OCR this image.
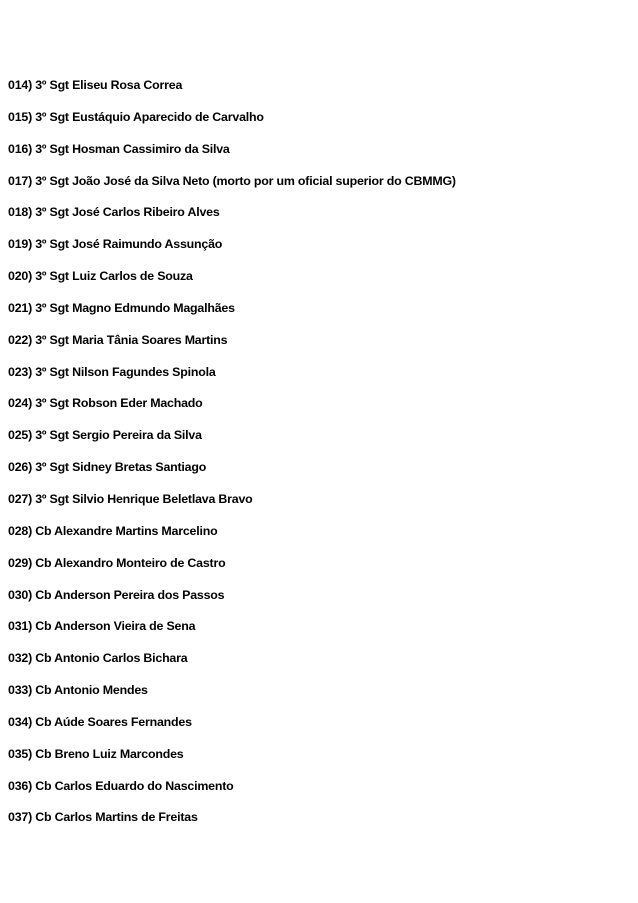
014) 3º Sgt Eliseu Rosa Correa
015) 3º Sgt Eustáquio Aparecido de Carvalho
016) 3º Sgt Hosman Cassimiro da Silva
017) 3º Sgt João José da Silva Neto (morto por um oficial superior do CBMMG)
018) 3º Sgt José Carlos Ribeiro Alves
019) 3º Sgt José Raimundo Assunção
020) 3º Sgt Luiz Carlos de Souza
021) 3º Sgt Magno Edmundo Magalhães
022) 3º Sgt Maria Tânia Soares Martins
023) 3º Sgt Nilson Fagundes Spinola
024) 3º Sgt Robson Eder Machado
025) 3º Sgt Sergio Pereira da Silva
026) 3º Sgt Sidney Bretas Santiago
027) 3º Sgt Silvio Henrique Beletlava Bravo
028) Cb Alexandre Martins Marcelino
029) Cb Alexandro Monteiro de Castro
030) Cb Anderson Pereira dos Passos
031) Cb Anderson Vieira de Sena
032) Cb Antonio Carlos Bichara
033) Cb Antonio Mendes
034) Cb Aúde Soares Fernandes
035) Cb Breno Luiz Marcondes
036) Cb Carlos Eduardo do Nascimento
037) Cb Carlos Martins de Freitas
